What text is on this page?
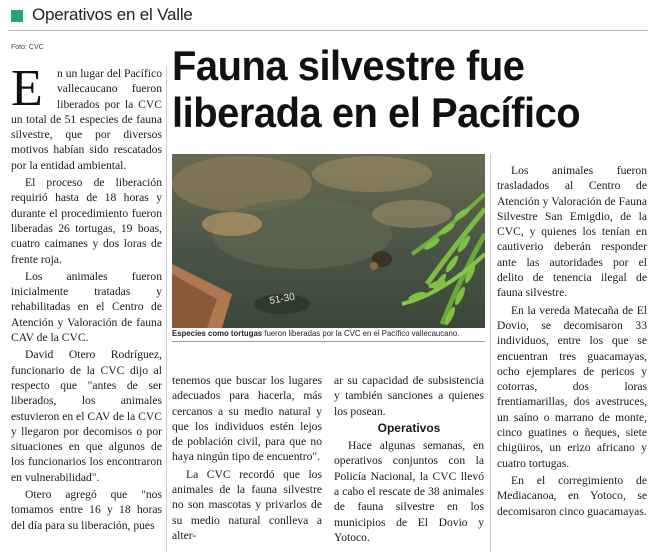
Operativos en el Valle
Foto: CVC	Fauna silvestre fue
liberada en el Pacífico
E	n un lugar del Pacífico vallecaucano fueron liberados por la CVC un total de 51 especies de fauna silvestre, que por diversos motivos habían sido rescatados por la entidad ambiental.

El proceso de liberación requirió hasta de 18 horas y durante el procedimiento fueron liberadas 26 tortugas, 19 boas, cuatro caimanes y dos loras de frente roja.

Los animales fueron inicialmente tratadas y rehabilitadas en el Centro de Atención y Valoración de fauna CAV de la CVC.

David Otero Rodríguez, funcionario de la CVC dijo al respecto que "antes de ser liberados, los animales estuvieron en el CAV de la CVC y llegaron por decomisos o por situaciones en que algunos de los funcionarios los encontraron en vulnerabilidad".

Otero agregó que "nos tomamos entre 16 y 18 horas del día para su liberación, pues

51-30
Especies como tortugas fueron liberadas por la CVC en el Pacífico vallecaucano.

tenemos que buscar los lugares adecuados para hacerla, más cercanos a su medio natural y que los individuos estén lejos de población civil, para que no haya ningún tipo de encuentro".

La CVC recordó que los animales de la fauna silvestre no son mascotas y privarlos de su medio natural conlleva a alter-

ar su capacidad de subsistencia y también sanciones a quienes los posean.

Operativos

Hace algunas semanas, en operativos conjuntos con la Policía Nacional, la CVC llevó a cabo el rescate de 38 animales de fauna silvestre en los municipios de El Dovio y Yotoco.

Los animales fueron trasladados al Centro de Atención y Valoración de Fauna Silvestre San Emigdio, de la CVC, y quienes los tenían en cautiverio deberán responder ante las autoridades por el delito de tenencia ilegal de fauna silvestre.

En la vereda Matecaña de El Dovio, se decomisaron 33 individuos, entre los que se encuentran tres guacamayas, ocho ejemplares de pericos y cotorras, dos loras frentiamarillas, dos avestruces, un saíno o marrano de monte, cinco guatines o ñeques, siete chigüiros, un erizo africano y cuatro tortugas.

En el corregimiento de Mediacanoa, en Yotoco, se decomisaron cinco guacamayas.
